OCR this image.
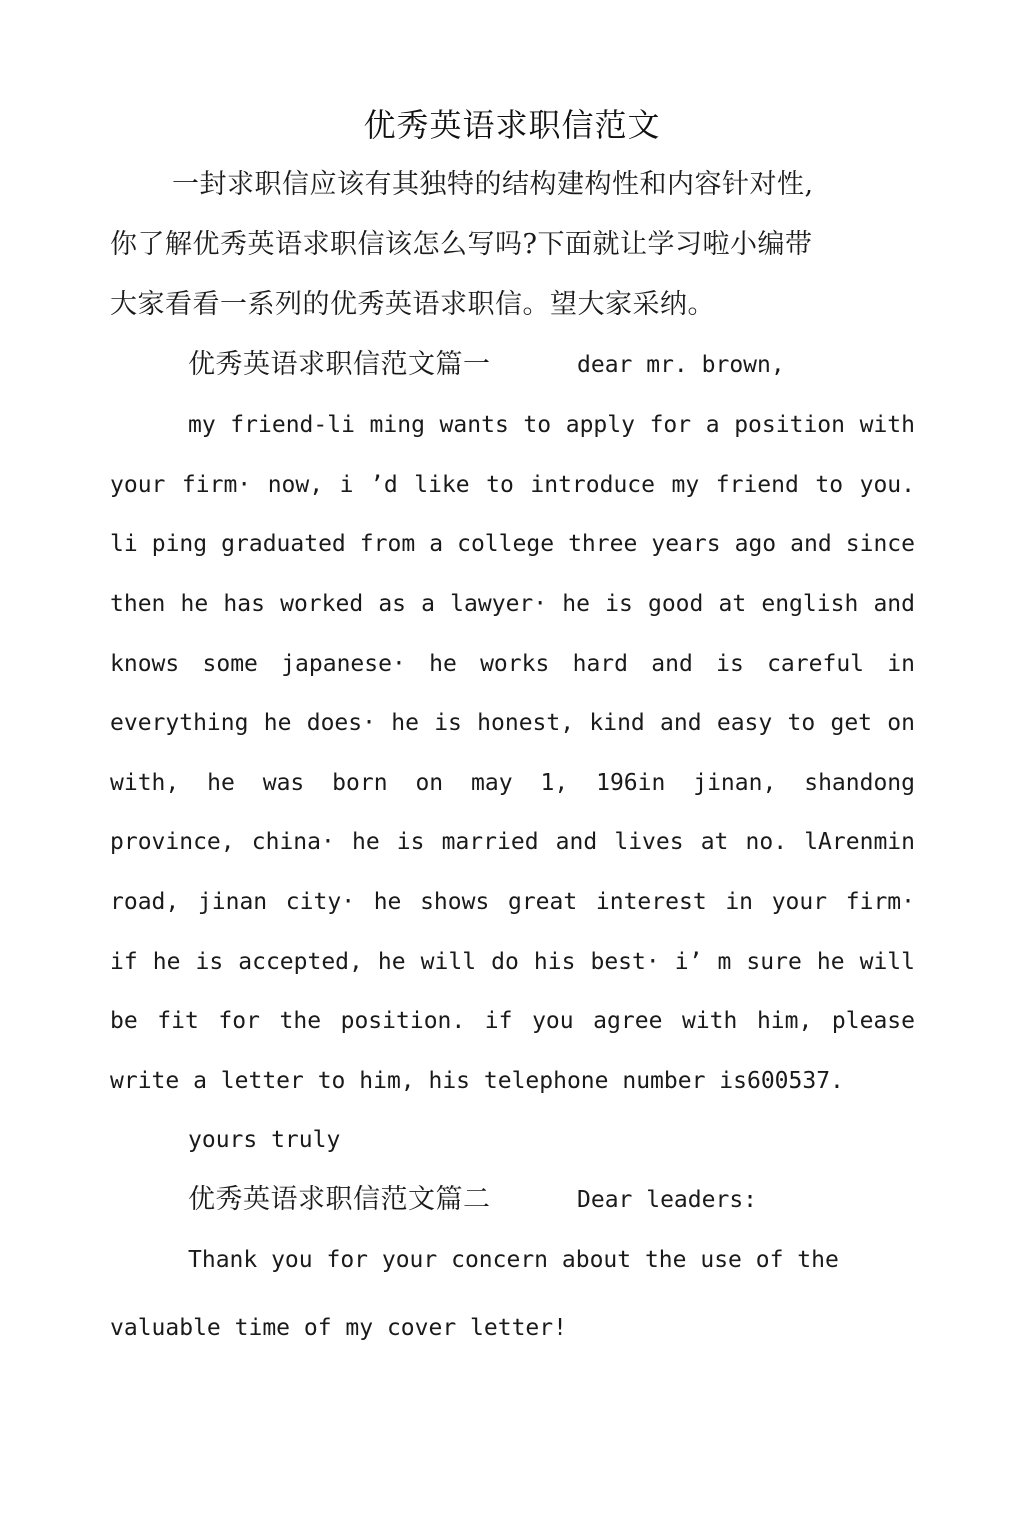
优秀英语求职信范文
一封求职信应该有其独特的结构建构性和内容针对性,
你了解优秀英语求职信该怎么写吗?下面就让学习啦小编带
大家看看一系列的优秀英语求职信。望大家采纳。
优秀英语求职信范文篇一	dear mr. brown,
my friend-li ming wants to apply for a position with
your firm· now, i ’d like to introduce my friend to you.
li ping graduated from a college three years ago and since
then he has worked as a lawyer· he is good at english and
knows some japanese· he works hard and is careful in
everything he does· he is honest, kind and easy to get on
with, he was born on may 1, 196in jinan, shandong
province, china· he is married and lives at no. lArenmin
road, jinan city· he shows great interest in your firm·
if he is accepted, he will do his best· i’ m sure he will
be fit for the position. if you agree with him, please
write a letter to him, his telephone number is600537.
yours truly
优秀英语求职信范文篇二	Dear leaders:
Thank you for your concern about the use of the
valuable time of my cover letter!
